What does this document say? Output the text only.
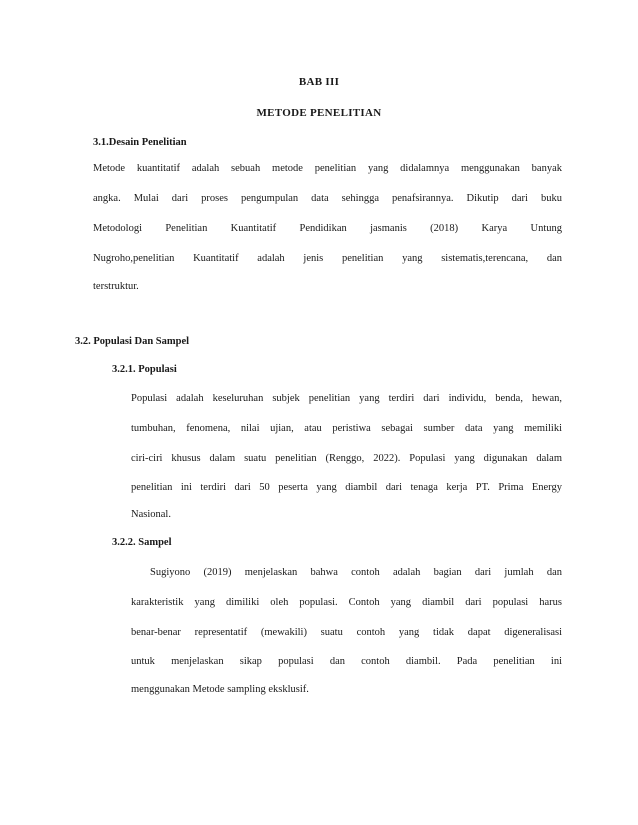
BAB III
METODE PENELITIAN
3.1.Desain Penelitian
Metode kuantitatif adalah sebuah metode penelitian yang didalamnya menggunakan banyak
angka. Mulai dari proses pengumpulan data sehingga penafsirannya. Dikutip dari buku
Metodologi Penelitian Kuantitatif Pendidikan jasmanis (2018) Karya Untung
Nugroho,penelitian Kuantitatif adalah jenis penelitian yang sistematis,terencana, dan
terstruktur.
3.2. Populasi Dan Sampel
3.2.1. Populasi
Populasi adalah keseluruhan subjek penelitian yang terdiri dari individu, benda, hewan,
tumbuhan, fenomena, nilai ujian, atau peristiwa sebagai sumber data yang memiliki
ciri-ciri khusus dalam suatu penelitian (Renggo, 2022). Populasi yang digunakan dalam
penelitian ini terdiri dari 50 peserta yang diambil dari tenaga kerja PT. Prima Energy
Nasional.
3.2.2. Sampel
Sugiyono (2019) menjelaskan bahwa contoh adalah bagian dari jumlah dan
karakteristik yang dimiliki oleh populasi. Contoh yang diambil dari populasi harus
benar-benar representatif (mewakili) suatu contoh yang tidak dapat digeneralisasi
untuk menjelaskan sikap populasi dan contoh diambil. Pada penelitian ini
menggunakan Metode sampling eksklusif.
